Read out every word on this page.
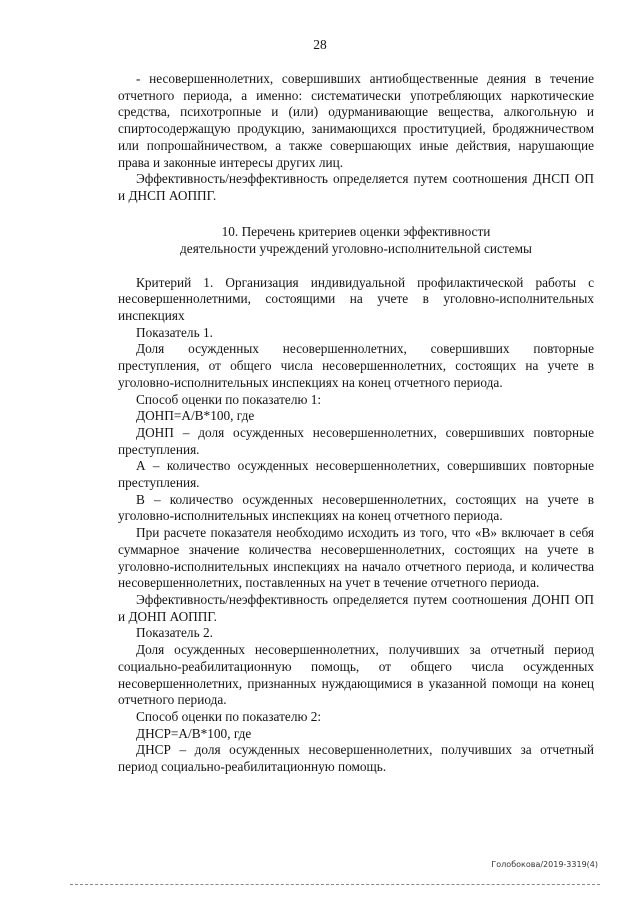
28

- несовершеннолетних, совершивших антиобщественные деяния в течение отчетного периода, а именно: систематически употребляющих наркотические средства, психотропные и (или) одурманивающие вещества, алкогольную и спиртосодержащую продукцию, занимающихся проституцией, бродяжничеством или попрошайничеством, а также совершающих иные действия, нарушающие права и законные интересы других лиц.

Эффективность/неэффективность определяется путем соотношения ДНСП ОП и ДНСП АОППГ.

10. Перечень критериев оценки эффективности

деятельности учреждений уголовно-исполнительной системы

Критерий 1. Организация индивидуальной профилактической работы с несовершеннолетними, состоящими на учете в уголовно-исполнительных инспекциях

Показатель 1.

Доля осужденных несовершеннолетних, совершивших повторные преступления, от общего числа несовершеннолетних, состоящих на учете в уголовно-исполнительных инспекциях на конец отчетного периода.

Способ оценки по показателю 1:

ДОНП=А/В*100, где

ДОНП – доля осужденных несовершеннолетних, совершивших повторные преступления.

А – количество осужденных несовершеннолетних, совершивших повторные преступления.

В – количество осужденных несовершеннолетних, состоящих на учете в уголовно-исполнительных инспекциях на конец отчетного периода.

При расчете показателя необходимо исходить из того, что «В» включает в себя суммарное значение количества несовершеннолетних, состоящих на учете в уголовно-исполнительных инспекциях на начало отчетного периода, и количества несовершеннолетних, поставленных на учет в течение отчетного периода.

Эффективность/неэффективность определяется путем соотношения ДОНП ОП и ДОНП АОППГ.

Показатель 2.

Доля осужденных несовершеннолетних, получивших за отчетный период социально-реабилитационную помощь, от общего числа осужденных несовершеннолетних, признанных нуждающимися в указанной помощи на конец отчетного периода.

Способ оценки по показателю 2:

ДНСР=А/В*100, где

ДНСР – доля осужденных несовершеннолетних, получивших за отчетный период социально-реабилитационную помощь.

Голобокова/2019-3319(4)
